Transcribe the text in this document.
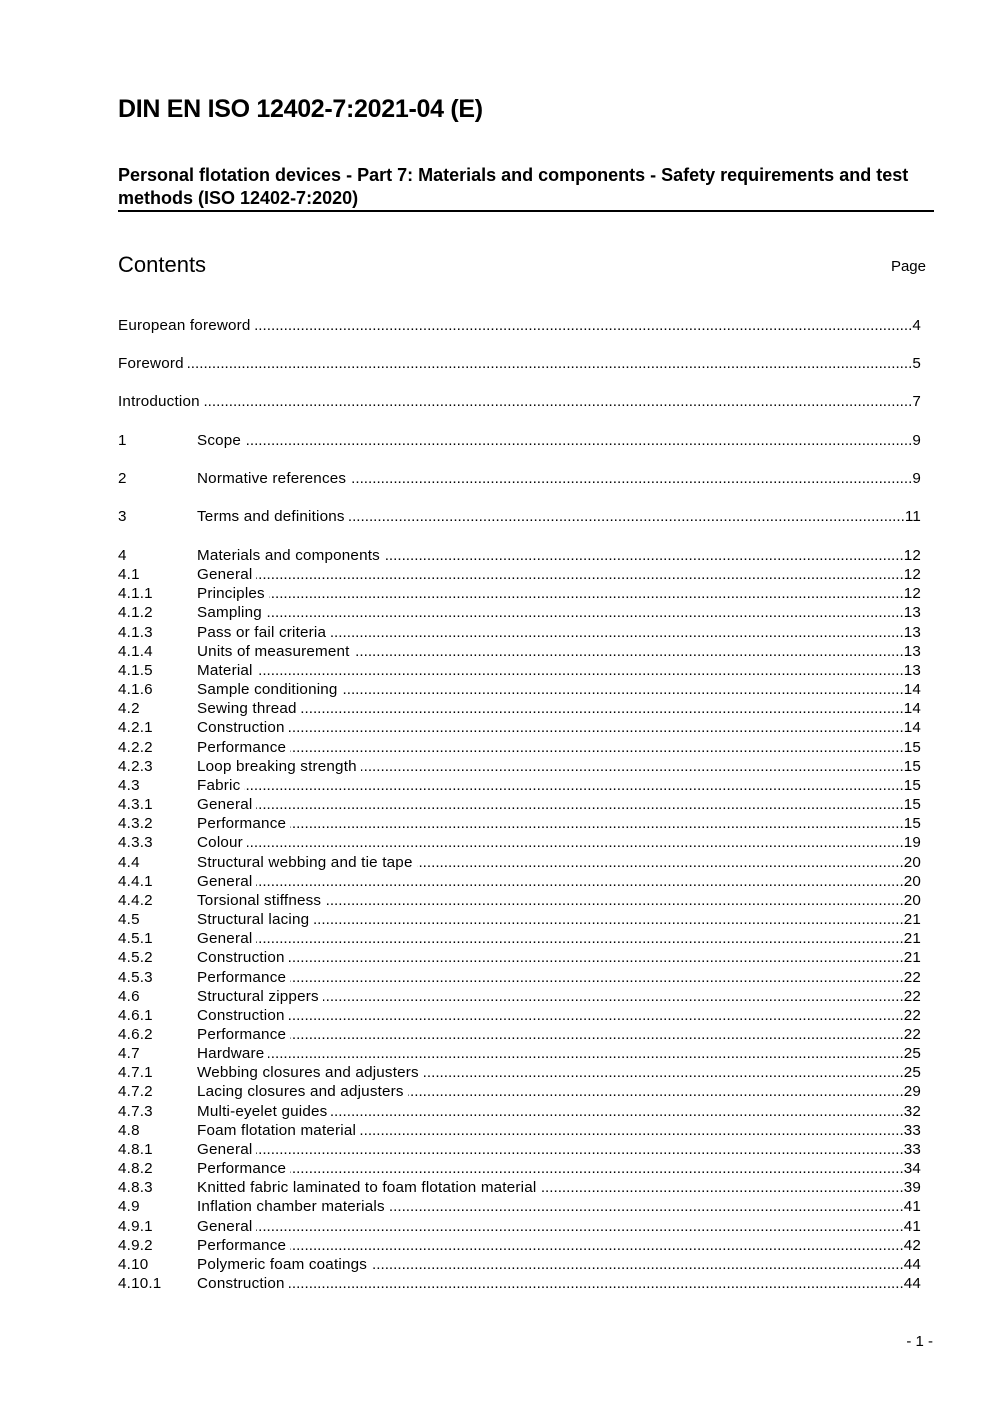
DIN EN ISO 12402-7:2021-04 (E)
Personal flotation devices - Part 7: Materials and components - Safety requirements and test methods (ISO 12402-7:2020)
Contents	Page
European foreword .....	4
Foreword .....	5
Introduction .....	7
1	Scope .....	9
2	Normative references .....	9
3	Terms and definitions .....	11
4	Materials and components .....	12
4.1	General .....	12
4.1.1	Principles .....	12
4.1.2	Sampling .....	13
4.1.3	Pass or fail criteria .....	13
4.1.4	Units of measurement .....	13
4.1.5	Material .....	13
4.1.6	Sample conditioning .....	14
4.2	Sewing thread .....	14
4.2.1	Construction .....	14
4.2.2	Performance .....	15
4.2.3	Loop breaking strength .....	15
4.3	Fabric .....	15
4.3.1	General .....	15
4.3.2	Performance .....	15
4.3.3	Colour .....	19
4.4	Structural webbing and tie tape .....	20
4.4.1	General .....	20
4.4.2	Torsional stiffness .....	20
4.5	Structural lacing .....	21
4.5.1	General .....	21
4.5.2	Construction .....	21
4.5.3	Performance .....	22
4.6	Structural zippers .....	22
4.6.1	Construction .....	22
4.6.2	Performance .....	22
4.7	Hardware .....	25
4.7.1	Webbing closures and adjusters .....	25
4.7.2	Lacing closures and adjusters .....	29
4.7.3	Multi-eyelet guides .....	32
4.8	Foam flotation material .....	33
4.8.1	General .....	33
4.8.2	Performance .....	34
4.8.3	Knitted fabric laminated to foam flotation material .....	39
4.9	Inflation chamber materials .....	41
4.9.1	General .....	41
4.9.2	Performance .....	42
4.10	Polymeric foam coatings .....	44
4.10.1	Construction .....	44
- 1 -
